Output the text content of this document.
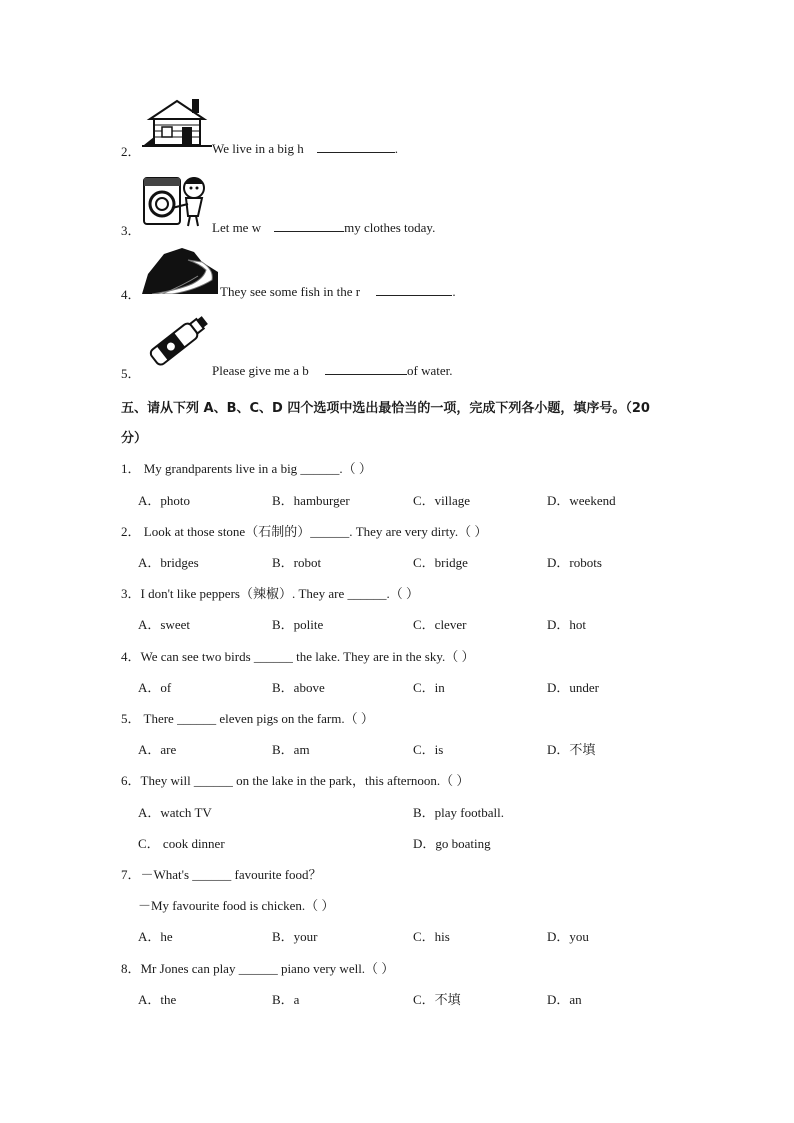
2．	We live in a big h	.
3．	Let me w	my clothes today.
4．	They see some fish in the r	.
5．	Please give me a b	of water.
五、请从下列 A、B、C、D 四个选项中选出最恰当的一项，完成下列各小题，填序号。（20
分）
1． My grandparents live in a big ______.（ ）
A．photo	B．hamburger	C．village	D．weekend
2． Look at those stone（石制的）______. They are very dirty.（ ）
A．bridges	B．robot	C．bridge	D．robots
3．I don't like peppers（辣椒）. They are ______.（ ）
A．sweet	B．polite	C．clever	D．hot
4．We can see two birds ______ the lake. They are in the sky.（ ）
A．of	B．above	C．in	D．under
5． There ______ eleven pigs on the farm.（ ）
A．are	B．am	C．is	D．不填
6．They will ______ on the lake in the park，this afternoon.（ ）
A．watch TV	B．play football.
C． cook dinner	D．go boating
7．－What's ______ favourite food？
－My favourite food is chicken.（ ）
A．he	B．your	C．his	D．you
8．Mr Jones can play ______ piano very well.（ ）
A．the	B．a	C．不填	D．an
